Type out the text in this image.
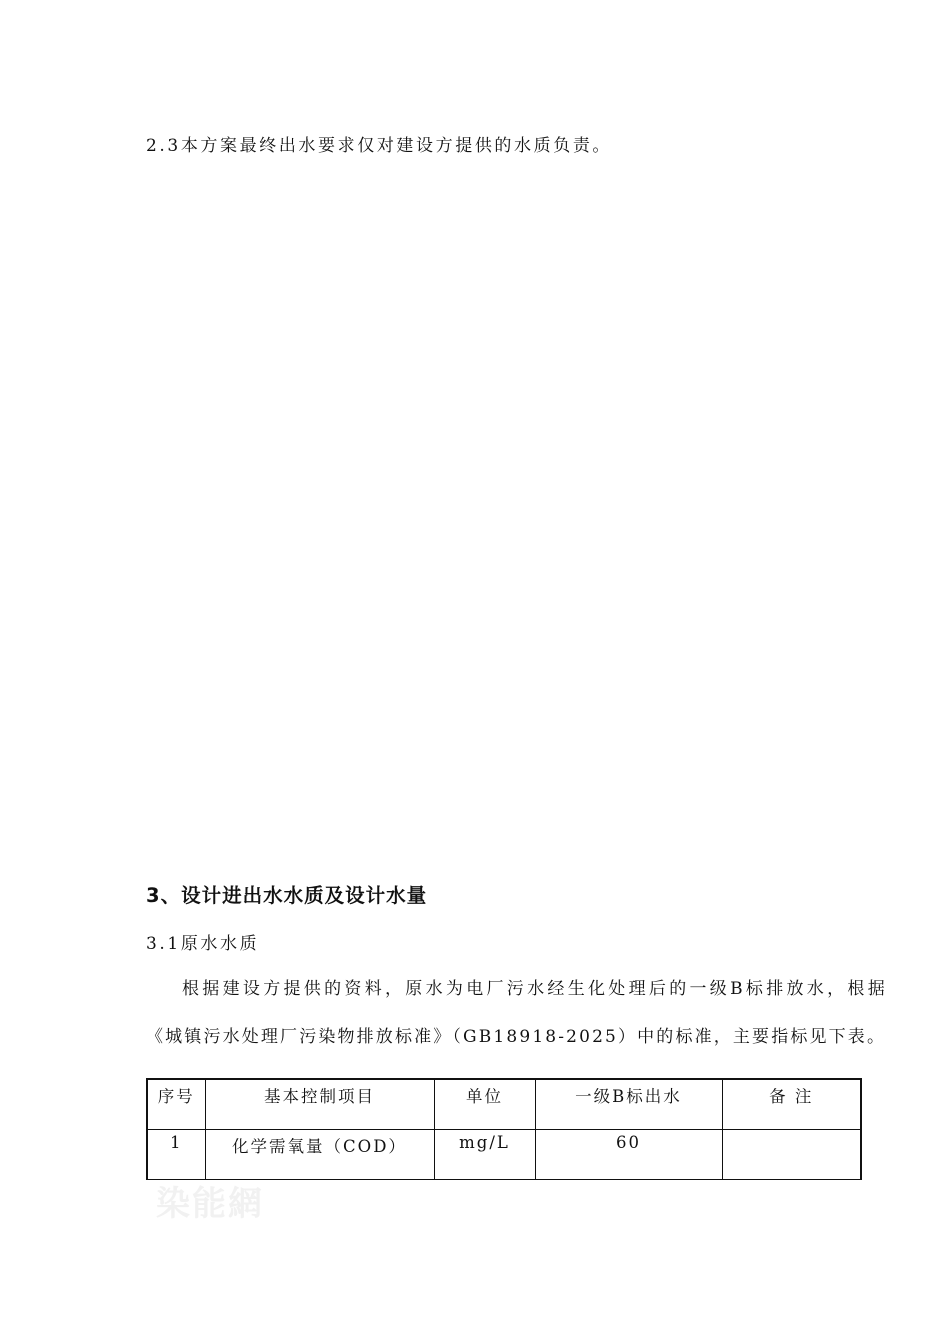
2.3本方案最终出水要求仅对建设方提供的水质负责。
3、设计进出水水质及设计水量
3.1原水水质
根据建设方提供的资料，原水为电厂污水经生化处理后的一级B标排放水，根据
《城镇污水处理厂污染物排放标准》（GB18918-2025）中的标准，主要指标见下表。
序号	基本控制项目	单位	一级B标出水	备 注
1	化学需氧量（COD）	mg/L	60	
染能網
